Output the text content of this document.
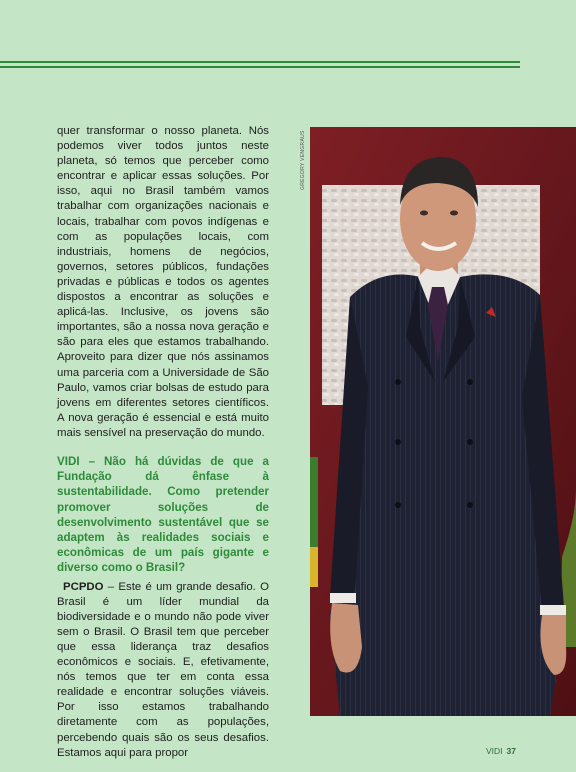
quer transformar o nosso planeta. Nós podemos viver todos juntos neste planeta, só temos que perceber como encontrar e aplicar essas soluções. Por isso, aqui no Brasil também vamos trabalhar com organizações nacionais e locais, trabalhar com povos indígenas e com as populações locais, com industriais, homens de negócios, governos, setores públicos, fundações privadas e públicas e todos os agentes dispostos a encontrar as soluções e aplicá-las. Inclusive, os jovens são importantes, são a nossa nova geração e são para eles que estamos trabalhando. Aproveito para dizer que nós assinamos uma parceria com a Universidade de São Paulo, vamos criar bolsas de estudo para jovens em diferentes setores científicos. A nova geração é essencial e está muito mais sensível na preservação do mundo.

VIDI – Não há dúvidas de que a Fundação dá ênfase à sustentabilidade. Como pretender promover soluções de desenvolvimento sustentável que se adaptem às realidades sociais e econômicas de um país gigante e diverso como o Brasil?

PCPDO – Este é um grande desafio. O Brasil é um líder mundial da biodiversidade e o mundo não pode viver sem o Brasil. O Brasil tem que perceber que essa liderança traz desafios econômicos e sociais. E, efetivamente, nós temos que ter em conta essa realidade e encontrar soluções viáveis. Por isso estamos trabalhando diretamente com as populações, percebendo quais são os seus desafios. Estamos aqui para propor

GREGORY VENGRAUS
VIDI 37
